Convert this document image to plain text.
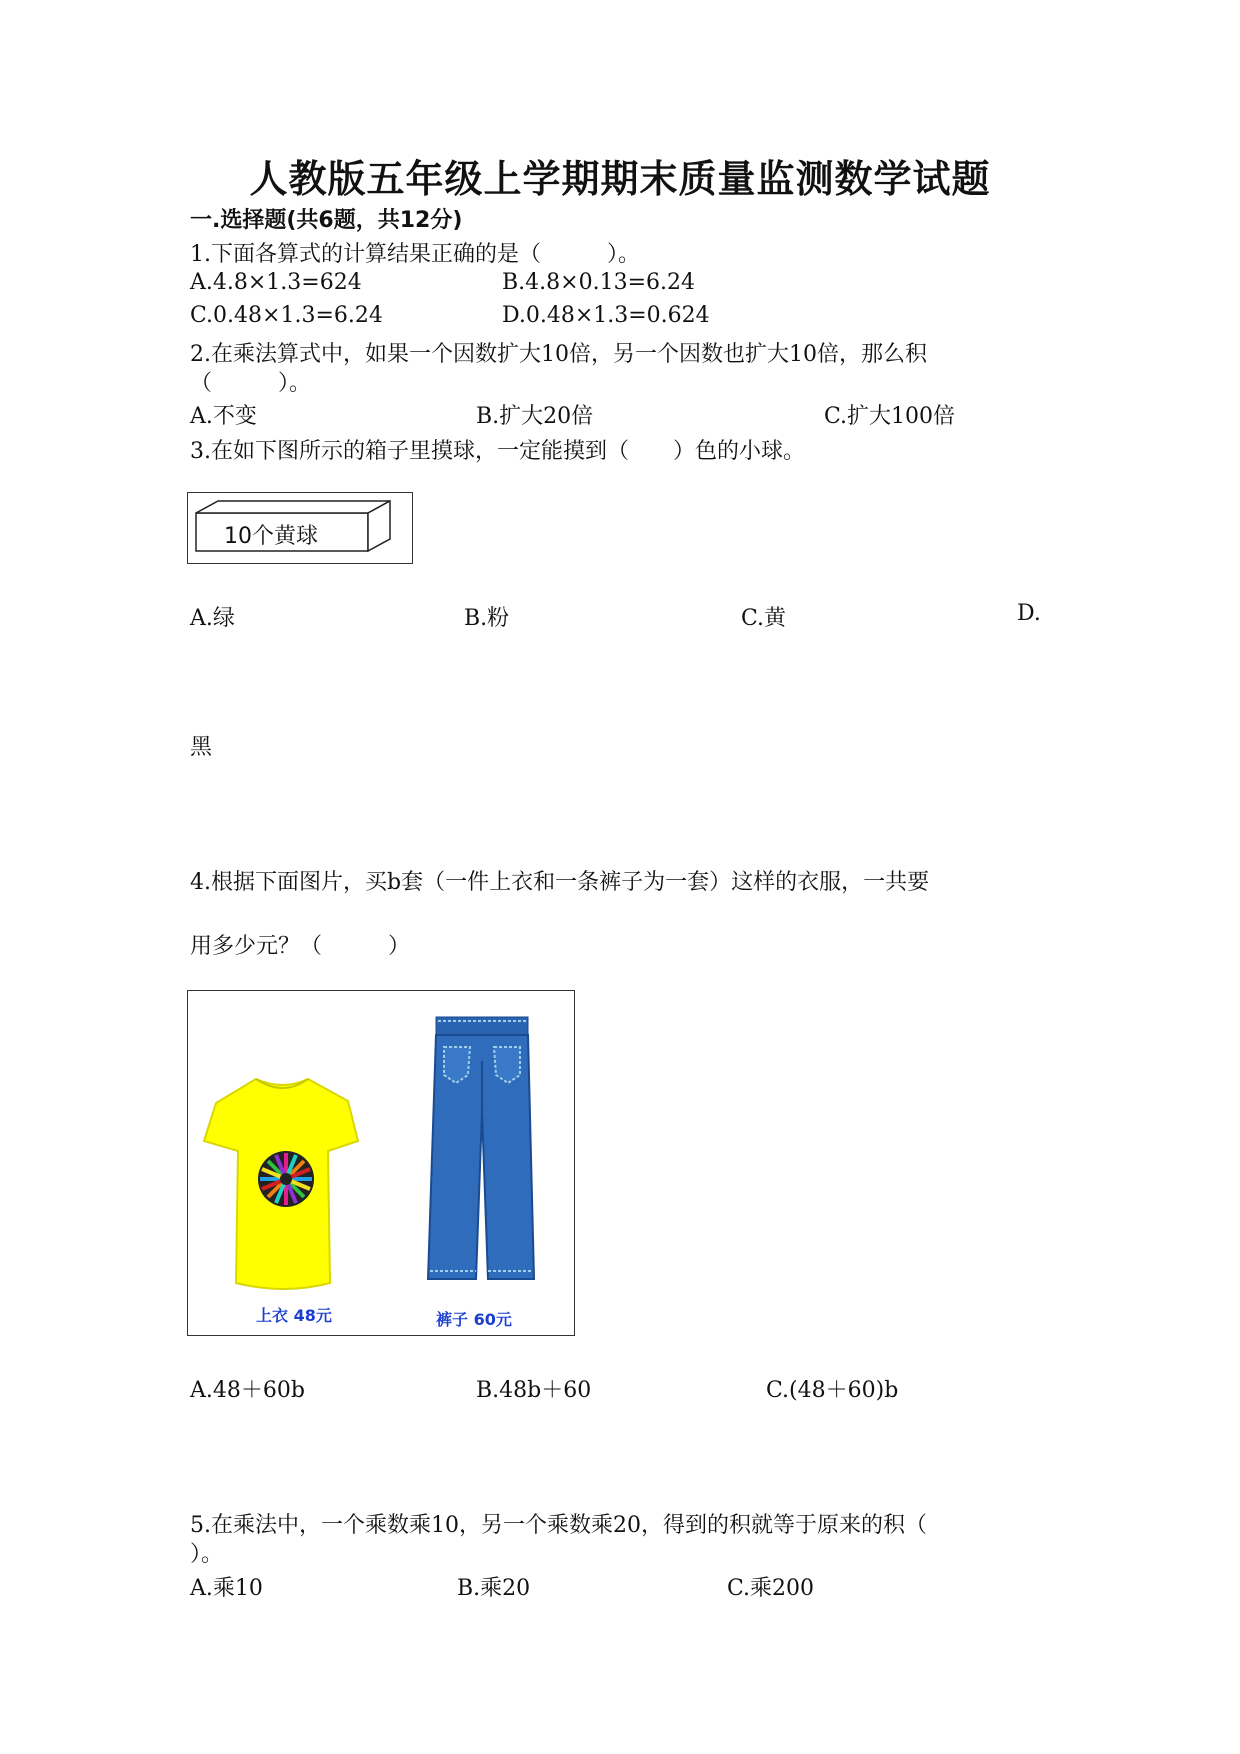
人教版五年级上学期期末质量监测数学试题
一.选择题(共6题，共12分)
1.下面各算式的计算结果正确的是（　　　）。
A.4.8×1.3=624	B.4.8×0.13=6.24
C.0.48×1.3=6.24	D.0.48×1.3=0.624
2.在乘法算式中，如果一个因数扩大10倍，另一个因数也扩大10倍，那么积
（　　　）。
A.不变	B.扩大20倍	C.扩大100倍
3.在如下图所示的箱子里摸球，一定能摸到（　　）色的小球。
10个黄球
A.绿	B.粉	C.黄	D.
黑
4.根据下面图片，买b套（一件上衣和一条裤子为一套）这样的衣服，一共要
用多少元？（　　　）
上衣 48元	裤子 60元
A.48＋60b	B.48b＋60	C.(48＋60)b
5.在乘法中，一个乘数乘10，另一个乘数乘20，得到的积就等于原来的积（
）。
A.乘10	B.乘20	C.乘200
